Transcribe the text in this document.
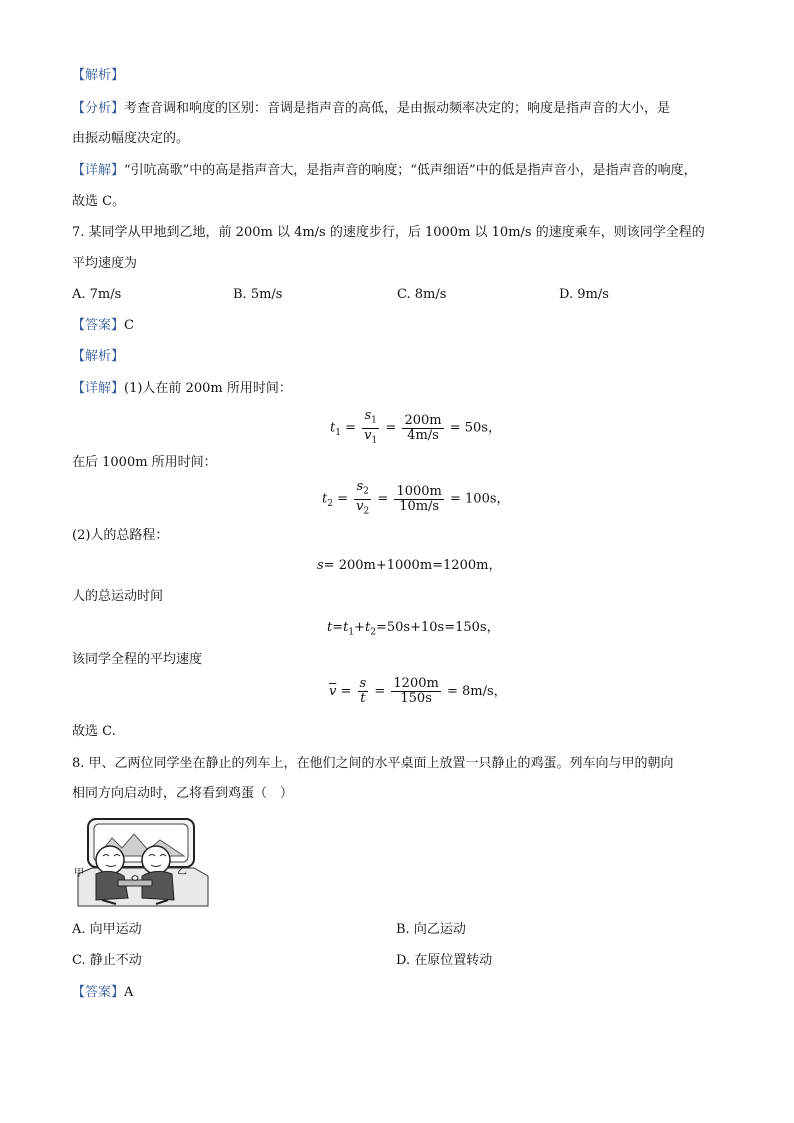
【解析】
【分析】考查音调和响度的区别：音调是指声音的高低，是由振动频率决定的；响度是指声音的大小，是
由振动幅度决定的。
【详解】“引吭高歌”中的高是指声音大，是指声音的响度；“低声细语”中的低是指声音小，是指声音的响度，
故选 C。
7. 某同学从甲地到乙地，前 200m 以 4m/s 的速度步行，后 1000m 以 10m/s 的速度乘车，则该同学全程的
平均速度为
A. 7m/s	B. 5m/s	C. 8m/s	D. 9m/s
【答案】C
【解析】
【详解】(1)人在前 200m 所用时间：
$t_1 = \frac{s_1}{v_1} = \frac{200m}{4m/s} = 50s$，
在后 1000m 所用时间：
$t_2 = \frac{s_2}{v_2} = \frac{1000m}{10m/s} = 100s$，
(2)人的总路程：
s= 200m+1000m=1200m，
人的总运动时间
$t=t_1+t_2=50s+10s=150s$，
该同学全程的平均速度
$\overline{v} = \frac{s}{t} = \frac{1200m}{150s} = 8m/s$，
故选 C.
8. 甲、乙两位同学坐在静止的列车上，在他们之间的水平桌面上放置一只静止的鸡蛋。列车向与甲的朝向
相同方向启动时，乙将看到鸡蛋（　）
甲	乙
A. 向甲运动	B. 向乙运动
C. 静止不动	D. 在原位置转动
【答案】A
